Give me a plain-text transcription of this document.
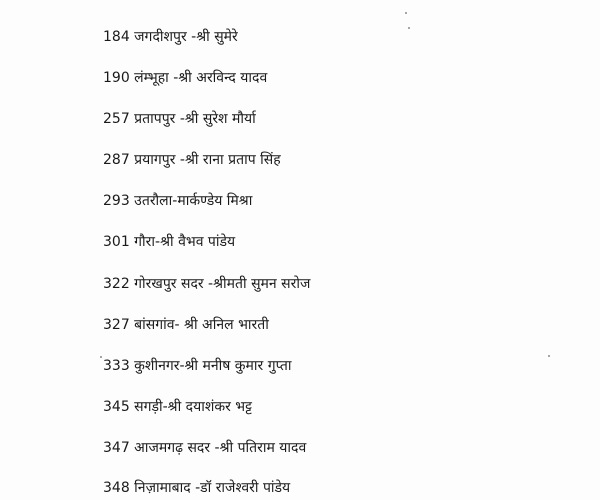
184 जगदीशपुर -श्री सुमेरे
190 लंम्भूहा -श्री अरविन्द यादव
257 प्रतापपुर -श्री सुरेश मौर्या
287 प्रयागपुर -श्री राना प्रताप सिंह
293 उतरौला-मार्कण्डेय मिश्रा
301 गौरा-श्री वैभव पांडेय
322 गोरखपुर सदर -श्रीमती सुमन सरोज
327 बांसगांव- श्री अनिल भारती
333 कुशीनगर-श्री मनीष कुमार गुप्ता
345 सगड़ी-श्री दयाशंकर भट्ट
347 आजमगढ़ सदर -श्री पतिराम यादव
348 निज़ामाबाद -डॉ राजेश्वरी पांडेय
